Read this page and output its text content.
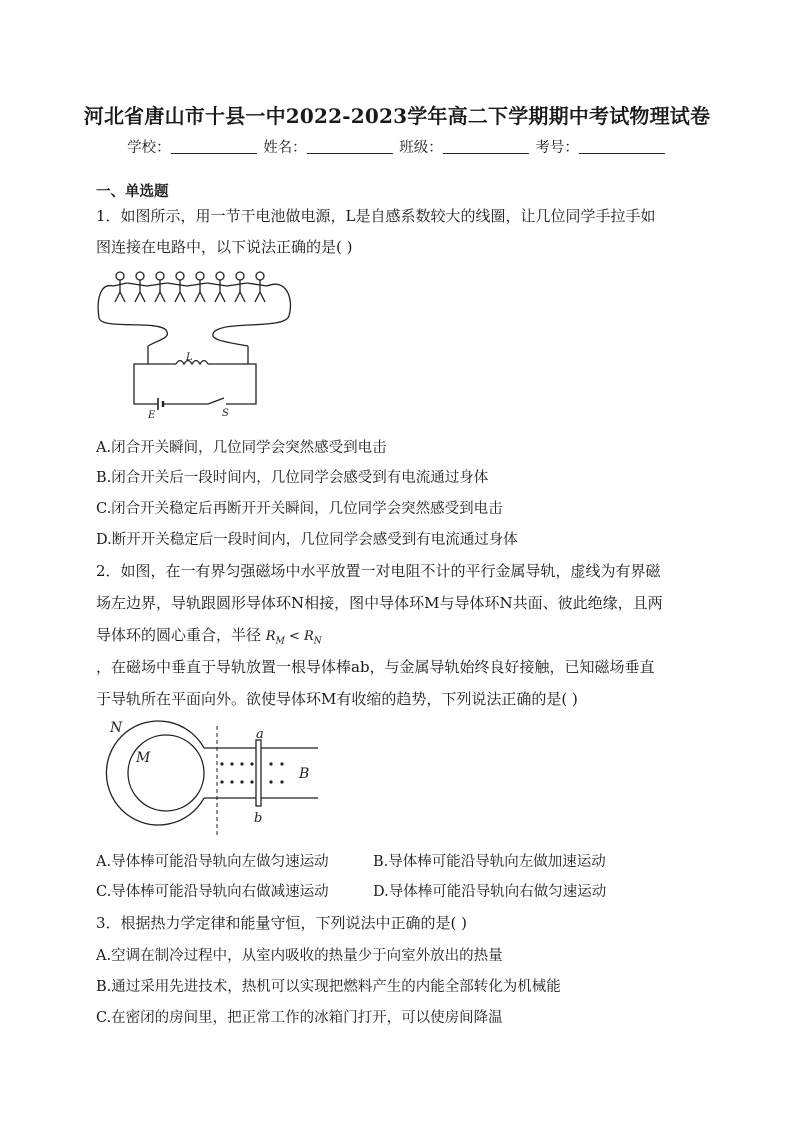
河北省唐山市十县一中2022-2023学年高二下学期期中考试物理试卷
学校：	姓名：	班级：	考号：
一、单选题
1．如图所示，用一节干电池做电源，L是自感系数较大的线圈，让几位同学手拉手如
图连接在电路中，以下说法正确的是( )
L
E	S
A.闭合开关瞬间，几位同学会突然感受到电击
B.闭合开关后一段时间内，几位同学会感受到有电流通过身体
C.闭合开关稳定后再断开开关瞬间，几位同学会突然感受到电击
D.断开开关稳定后一段时间内，几位同学会感受到有电流通过身体
2．如图，在一有界匀强磁场中水平放置一对电阻不计的平行金属导轨，虚线为有界磁
场左边界，导轨跟圆形导体环N相接，图中导体环M与导体环N共面、彼此绝缘，且两
导体环的圆心重合，半径 $R_M < R_N$
，在磁场中垂直于导轨放置一根导体棒ab，与金属导轨始终良好接触，已知磁场垂直
于导轨所在平面向外。欲使导体环M有收缩的趋势，下列说法正确的是( )
N
M
a
b
B
A.导体棒可能沿导轨向左做匀速运动	B.导体棒可能沿导轨向左做加速运动
C.导体棒可能沿导轨向右做减速运动	D.导体棒可能沿导轨向右做匀速运动
3．根据热力学定律和能量守恒，下列说法中正确的是( )
A.空调在制冷过程中，从室内吸收的热量少于向室外放出的热量
B.通过采用先进技术，热机可以实现把燃料产生的内能全部转化为机械能
C.在密闭的房间里，把正常工作的冰箱门打开，可以使房间降温
